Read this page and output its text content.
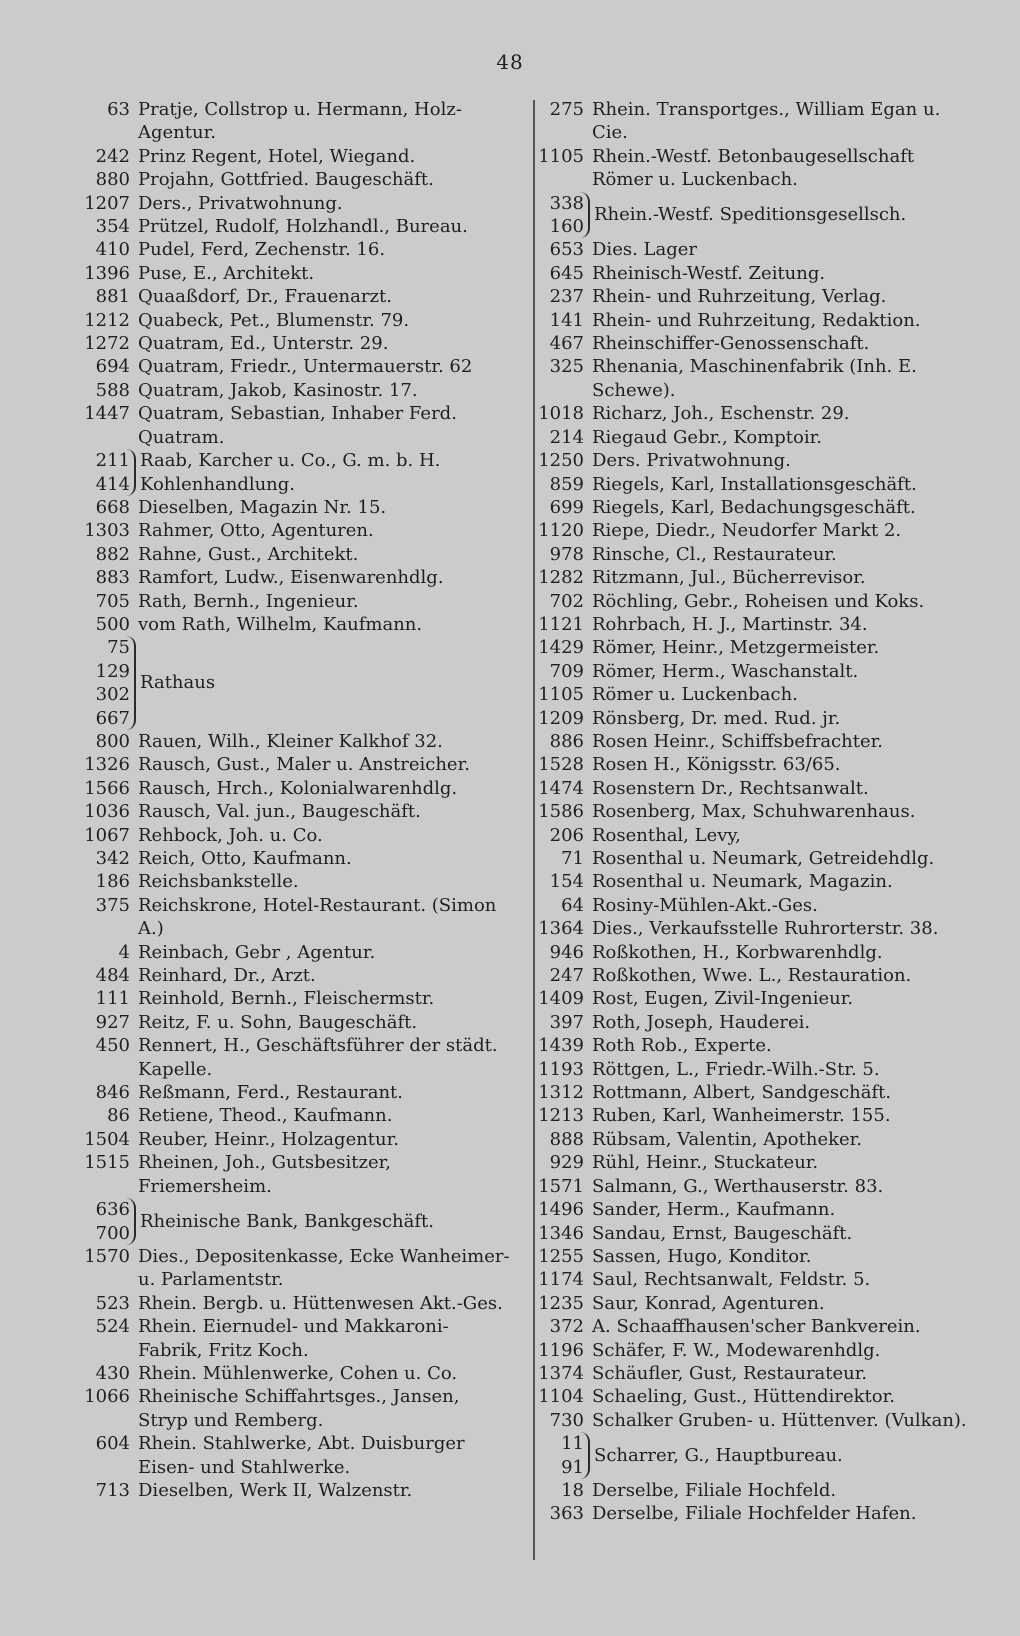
48
63 Pratje, Collstrop u. Hermann, Holz-Agentur.
242 Prinz Regent, Hotel, Wiegand.
880 Projahn, Gottfried. Baugeschäft.
1207 Ders., Privatwohnung.
354 Prützel, Rudolf, Holzhandl., Bureau.
410 Pudel, Ferd, Zechenstr. 16.
1396 Puse, E., Architekt.
881 Quaaßdorf, Dr., Frauenarzt.
1212 Quabeck, Pet., Blumenstr. 79.
1272 Quatram, Ed., Unterstr. 29.
694 Quatram, Friedr., Untermauerstr. 62
588 Quatram, Jakob, Kasinostr. 17.
1447 Quatram, Sebastian, Inhaber Ferd. Quatram.
211
414
Raab, Karcher u. Co., G. m. b. H. Kohlenhandlung.
668 Dieselben, Magazin Nr. 15.
1303 Rahmer, Otto, Agenturen.
882 Rahne, Gust., Architekt.
883 Ramfort, Ludw., Eisenwarenhdlg.
705 Rath, Bernh., Ingenieur.
500 vom Rath, Wilhelm, Kaufmann.
75
129
302
667
Rathaus
800 Rauen, Wilh., Kleiner Kalkhof 32.
1326 Rausch, Gust., Maler u. Anstreicher.
1566 Rausch, Hrch., Kolonialwarenhdlg.
1036 Rausch, Val. jun., Baugeschäft.
1067 Rehbock, Joh. u. Co.
342 Reich, Otto, Kaufmann.
186 Reichsbankstelle.
375 Reichskrone, Hotel-Restaurant. (Simon A.)
4 Reinbach, Gebr , Agentur.
484 Reinhard, Dr., Arzt.
111 Reinhold, Bernh., Fleischermstr.
927 Reitz, F. u. Sohn, Baugeschäft.
450 Rennert, H., Geschäftsführer der städt. Kapelle.
846 Reßmann, Ferd., Restaurant.
86 Retiene, Theod., Kaufmann.
1504 Reuber, Heinr., Holzagentur.
1515 Rheinen, Joh., Gutsbesitzer, Friemersheim.
636
700
Rheinische Bank, Bankgeschäft.
1570 Dies., Depositenkasse, Ecke Wanheimer- u. Parlamentstr.
523 Rhein. Bergb. u. Hüttenwesen Akt.-Ges.
524 Rhein. Eiernudel- und Makkaroni-Fabrik, Fritz Koch.
430 Rhein. Mühlenwerke, Cohen u. Co.
1066 Rheinische Schiffahrtsges., Jansen, Stryp und Remberg.
604 Rhein. Stahlwerke, Abt. Duisburger Eisen- und Stahlwerke.
713 Dieselben, Werk II, Walzenstr.
275 Rhein. Transportges., William Egan u. Cie.
1105 Rhein.-Westf. Betonbaugesellschaft Römer u. Luckenbach.
338
160
Rhein.-Westf. Speditionsgesellsch.
653 Dies. Lager
645 Rheinisch-Westf. Zeitung.
237 Rhein- und Ruhrzeitung, Verlag.
141 Rhein- und Ruhrzeitung, Redaktion.
467 Rheinschiffer-Genossenschaft.
325 Rhenania, Maschinenfabrik (Inh. E. Schewe).
1018 Richarz, Joh., Eschenstr. 29.
214 Riegaud Gebr., Komptoir.
1250 Ders. Privatwohnung.
859 Riegels, Karl, Installationsgeschäft.
699 Riegels, Karl, Bedachungsgeschäft.
1120 Riepe, Diedr., Neudorfer Markt 2.
978 Rinsche, Cl., Restaurateur.
1282 Ritzmann, Jul., Bücherrevisor.
702 Röchling, Gebr., Roheisen und Koks.
1121 Rohrbach, H. J., Martinstr. 34.
1429 Römer, Heinr., Metzgermeister.
709 Römer, Herm., Waschanstalt.
1105 Römer u. Luckenbach.
1209 Rönsberg, Dr. med. Rud. jr.
886 Rosen Heinr., Schiffsbefrachter.
1528 Rosen H., Königsstr. 63/65.
1474 Rosenstern Dr., Rechtsanwalt.
1586 Rosenberg, Max, Schuhwarenhaus.
206 Rosenthal, Levy,
71 Rosenthal u. Neumark, Getreidehdlg.
154 Rosenthal u. Neumark, Magazin.
64 Rosiny-Mühlen-Akt.-Ges.
1364 Dies., Verkaufsstelle Ruhrorterstr. 38.
946 Roßkothen, H., Korbwarenhdlg.
247 Roßkothen, Wwe. L., Restauration.
1409 Rost, Eugen, Zivil-Ingenieur.
397 Roth, Joseph, Hauderei.
1439 Roth Rob., Experte.
1193 Röttgen, L., Friedr.-Wilh.-Str. 5.
1312 Rottmann, Albert, Sandgeschäft.
1213 Ruben, Karl, Wanheimerstr. 155.
888 Rübsam, Valentin, Apotheker.
929 Rühl, Heinr., Stuckateur.
1571 Salmann, G., Werthauserstr. 83.
1496 Sander, Herm., Kaufmann.
1346 Sandau, Ernst, Baugeschäft.
1255 Sassen, Hugo, Konditor.
1174 Saul, Rechtsanwalt, Feldstr. 5.
1235 Saur, Konrad, Agenturen.
372 A. Schaaffhausen'scher Bankverein.
1196 Schäfer, F. W., Modewarenhdlg.
1374 Schäufler, Gust, Restaurateur.
1104 Schaeling, Gust., Hüttendirektor.
730 Schalker Gruben- u. Hüttenver. (Vulkan).
11
91
Scharrer, G., Hauptbureau.
18 Derselbe, Filiale Hochfeld.
363 Derselbe, Filiale Hochfelder Hafen.
